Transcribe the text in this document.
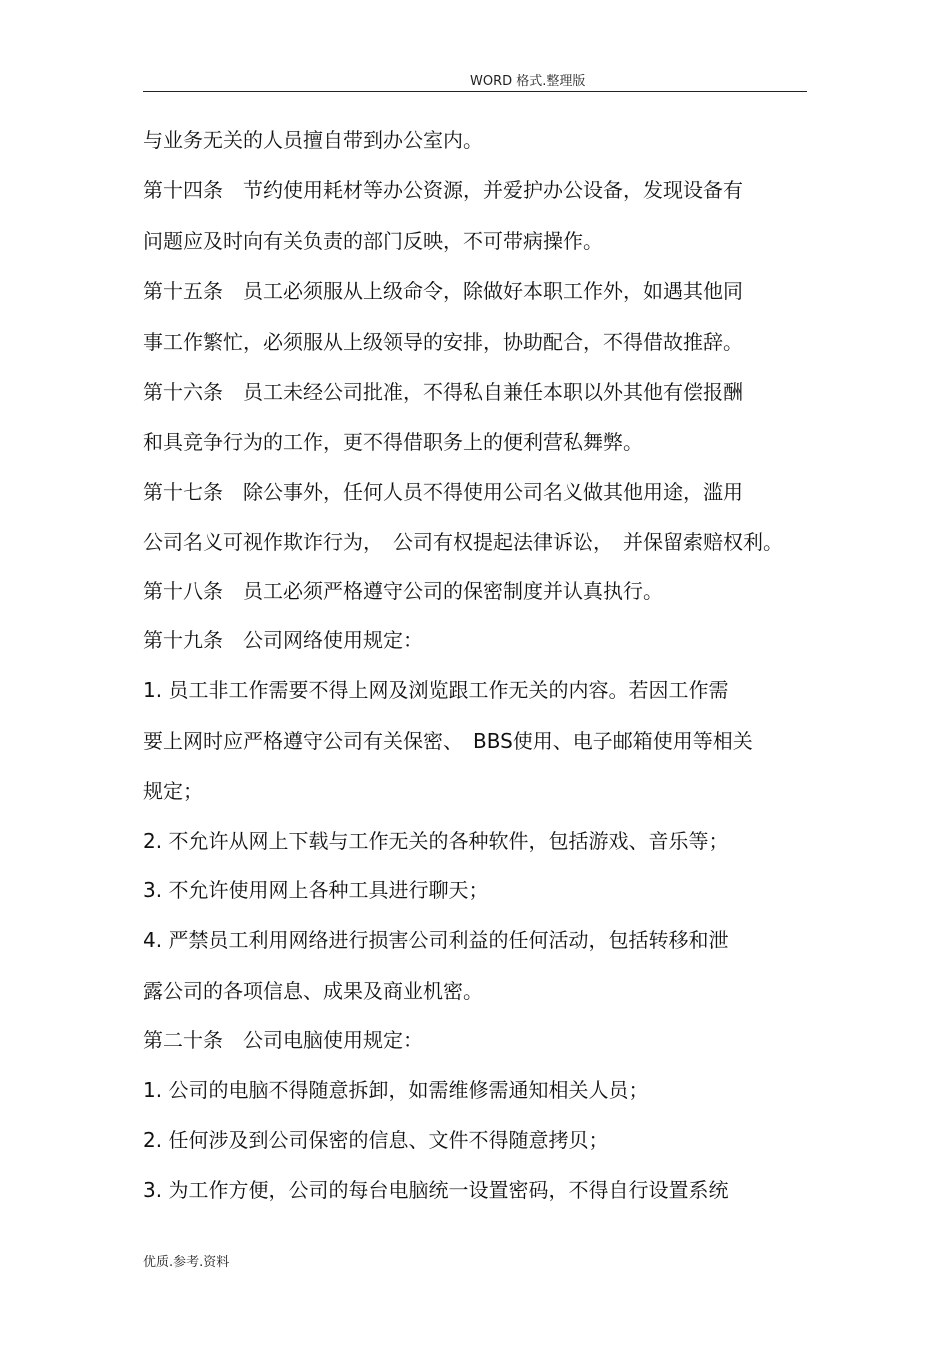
WORD 格式.整理版
与业务无关的人员擅自带到办公室内。
第十四条　节约使用耗材等办公资源，并爱护办公设备，发现设备有
问题应及时向有关负责的部门反映，不可带病操作。
第十五条　员工必须服从上级命令，除做好本职工作外，如遇其他同
事工作繁忙，必须服从上级领导的安排，协助配合，不得借故推辞。
第十六条　员工未经公司批准，不得私自兼任本职以外其他有偿报酬
和具竞争行为的工作，更不得借职务上的便利营私舞弊。
第十七条　除公事外，任何人员不得使用公司名义做其他用途，滥用
公司名义可视作欺诈行为，　公司有权提起法律诉讼，　并保留索赔权利。
第十八条　员工必须严格遵守公司的保密制度并认真执行。
第十九条　公司网络使用规定：
1. 员工非工作需要不得上网及浏览跟工作无关的内容。若因工作需
要上网时应严格遵守公司有关保密、　BBS使用、电子邮箱使用等相关
规定；
2. 不允许从网上下载与工作无关的各种软件，包括游戏、音乐等；
3. 不允许使用网上各种工具进行聊天；
4. 严禁员工利用网络进行损害公司利益的任何活动，包括转移和泄
露公司的各项信息、成果及商业机密。
第二十条　公司电脑使用规定：
1. 公司的电脑不得随意拆卸，如需维修需通知相关人员；
2. 任何涉及到公司保密的信息、文件不得随意拷贝；
3. 为工作方便，公司的每台电脑统一设置密码，不得自行设置系统
优质.参考.资料
